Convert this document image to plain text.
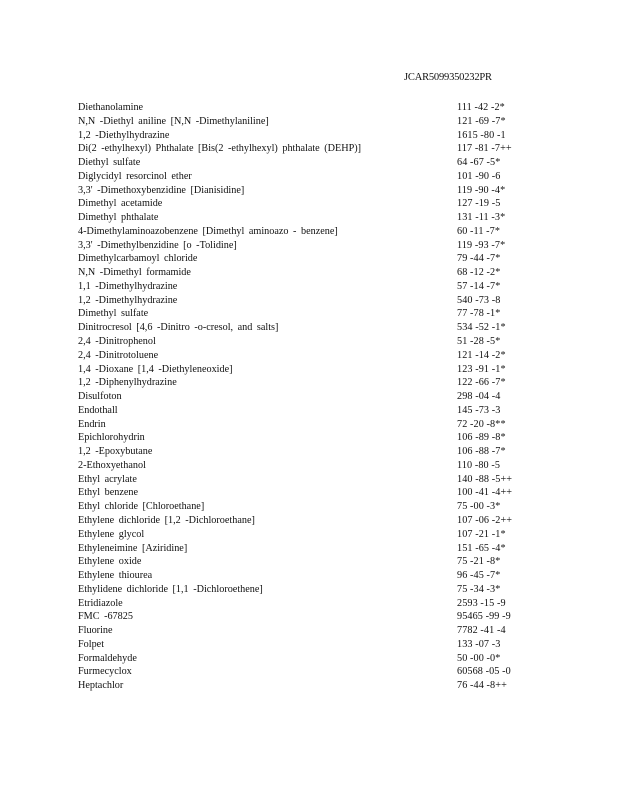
JCAR5099350232PR
Diethanolamine	111 -42 -2*
N,N -Diethyl aniline [N,N -Dimethylaniline]	121 -69 -7*
1,2 -Diethylhydrazine	1615 -80 -1
Di(2 -ethylhexyl) Phthalate [Bis(2 -ethylhexyl) phthalate (DEHP)]	117 -81 -7++
Diethyl sulfate	64 -67 -5*
Diglycidyl resorcinol ether	101 -90 -6
3,3' -Dimethoxybenzidine [Dianisidine]	119 -90 -4*
Dimethyl acetamide	127 -19 -5
Dimethyl phthalate	131 -11 -3*
4-Dimethylaminoazobenzene [Dimethyl aminoazo - benzene]	60 -11 -7*
3,3' -Dimethylbenzidine [o -Tolidine]	119 -93 -7*
Dimethylcarbamoyl chloride	79 -44 -7*
N,N -Dimethyl formamide	68 -12 -2*
1,1 -Dimethylhydrazine	57 -14 -7*
1,2 -Dimethylhydrazine	540 -73 -8
Dimethyl sulfate	77 -78 -1*
Dinitrocresol [4,6 -Dinitro -o-cresol, and salts]	534 -52 -1*
2,4 -Dinitrophenol	51 -28 -5*
2,4 -Dinitrotoluene	121 -14 -2*
1,4 -Dioxane [1,4 -Diethyleneoxide]	123 -91 -1*
1,2 -Diphenylhydrazine	122 -66 -7*
Disulfoton	298 -04 -4
Endothall	145 -73 -3
Endrin	72 -20 -8**
Epichlorohydrin	106 -89 -8*
1,2 -Epoxybutane	106 -88 -7*
2-Ethoxyethanol	110 -80 -5
Ethyl acrylate	140 -88 -5++
Ethyl benzene	100 -41 -4++
Ethyl chloride [Chloroethane]	75 -00 -3*
Ethylene dichloride [1,2 -Dichloroethane]	107 -06 -2++
Ethylene glycol	107 -21 -1*
Ethyleneimine [Aziridine]	151 -65 -4*
Ethylene oxide	75 -21 -8*
Ethylene thiourea	96 -45 -7*
Ethylidene dichloride [1,1 -Dichloroethene]	75 -34 -3*
Etridiazole	2593 -15 -9
FMC -67825	95465 -99 -9
Fluorine	7782 -41 -4
Folpet	133 -07 -3
Formaldehyde	50 -00 -0*
Furmecyclox	60568 -05 -0
Heptachlor	76 -44 -8++
